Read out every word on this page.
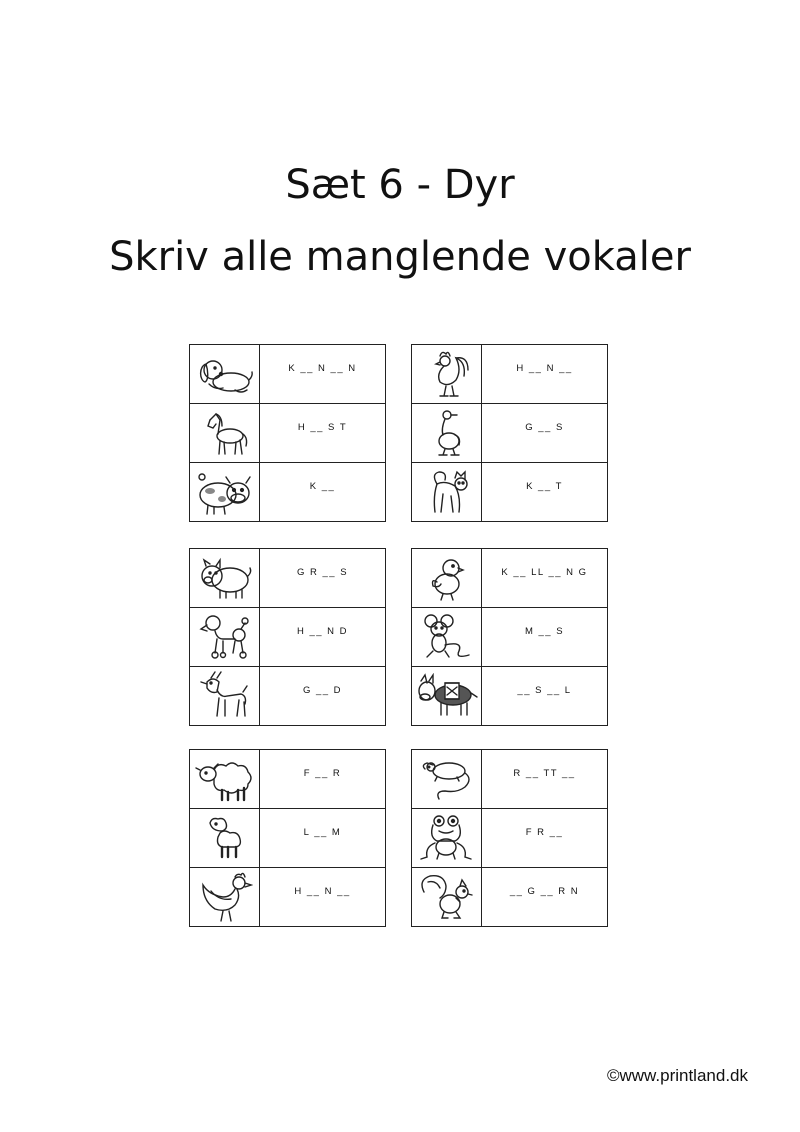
Sæt 6 - Dyr
Skriv alle manglende vokaler
	K __ N __ N

	H __ S T

	K __
	H __ N __

	G __ S

	K __ T
	G R __ S

	H __ N D

	G __ D
	K __ LL __ N G

	M __ S

	__ S __ L
	F __ R

	L __ M

	H __ N __
	R __ TT __

	F R __

	__ G __ R N
©www.printland.dk
